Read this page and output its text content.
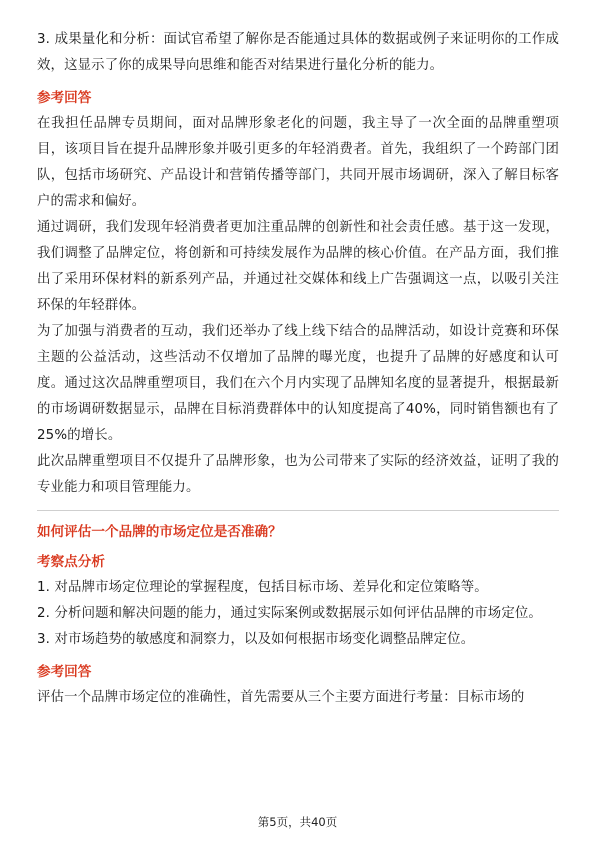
3. 成果量化和分析：面试官希望了解你是否能通过具体的数据或例子来证明你的工作成效，这显示了你的成果导向思维和能否对结果进行量化分析的能力。

参考回答

在我担任品牌专员期间，面对品牌形象老化的问题，我主导了一次全面的品牌重塑项目，该项目旨在提升品牌形象并吸引更多的年轻消费者。首先，我组织了一个跨部门团队，包括市场研究、产品设计和营销传播等部门，共同开展市场调研，深入了解目标客户的需求和偏好。

通过调研，我们发现年轻消费者更加注重品牌的创新性和社会责任感。基于这一发现，我们调整了品牌定位，将创新和可持续发展作为品牌的核心价值。在产品方面，我们推出了采用环保材料的新系列产品，并通过社交媒体和线上广告强调这一点，以吸引关注环保的年轻群体。

为了加强与消费者的互动，我们还举办了线上线下结合的品牌活动，如设计竞赛和环保主题的公益活动，这些活动不仅增加了品牌的曝光度，也提升了品牌的好感度和认可度。通过这次品牌重塑项目，我们在六个月内实现了品牌知名度的显著提升，根据最新的市场调研数据显示，品牌在目标消费群体中的认知度提高了40%，同时销售额也有了25%的增长。

此次品牌重塑项目不仅提升了品牌形象，也为公司带来了实际的经济效益，证明了我的专业能力和项目管理能力。

如何评估一个品牌的市场定位是否准确？

考察点分析

1. 对品牌市场定位理论的掌握程度，包括目标市场、差异化和定位策略等。

2. 分析问题和解决问题的能力，通过实际案例或数据展示如何评估品牌的市场定位。

3. 对市场趋势的敏感度和洞察力，以及如何根据市场变化调整品牌定位。

参考回答

评估一个品牌市场定位的准确性，首先需要从三个主要方面进行考量：目标市场的

第5页，共40页
